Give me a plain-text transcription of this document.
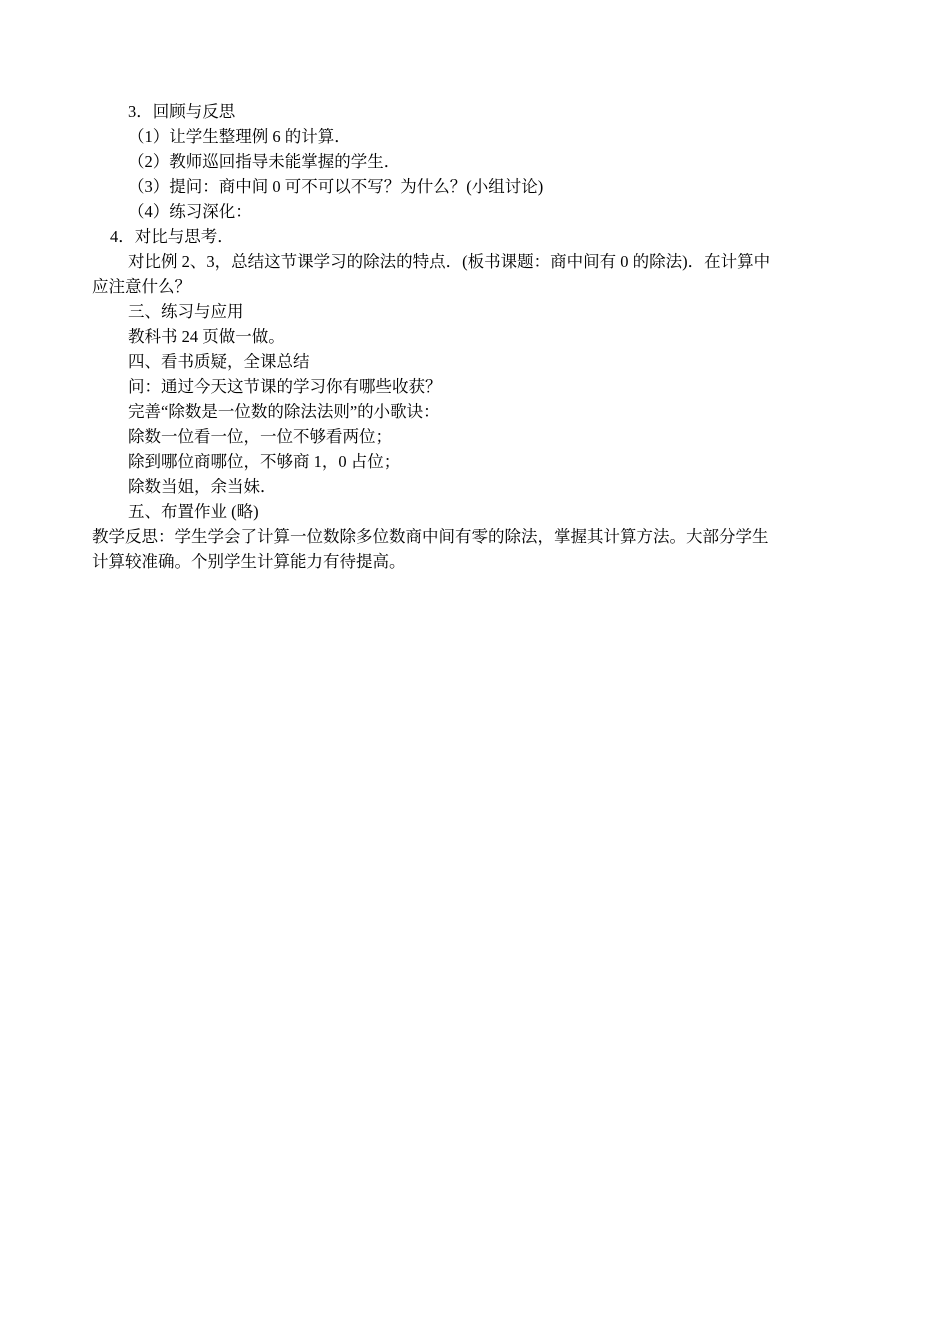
3．回顾与反思
（1）让学生整理例 6 的计算．
（2）教师巡回指导未能掌握的学生．
（3）提问：商中间 0 可不可以不写？为什么？(小组讨论)
（4）练习深化：
4．对比与思考．
对比例 2、3，总结这节课学习的除法的特点．(板书课题：商中间有 0 的除法)．在计算中
应注意什么？
三、练习与应用
教科书 24 页做一做。
四、看书质疑，全课总结
问：通过今天这节课的学习你有哪些收获？
完善“除数是一位数的除法法则”的小歌诀：
除数一位看一位，一位不够看两位；
除到哪位商哪位，不够商 1，0 占位；
除数当姐，余当妹．
五、布置作业 (略)
教学反思：学生学会了计算一位数除多位数商中间有零的除法，掌握其计算方法。大部分学生
计算较准确。个别学生计算能力有待提高。
